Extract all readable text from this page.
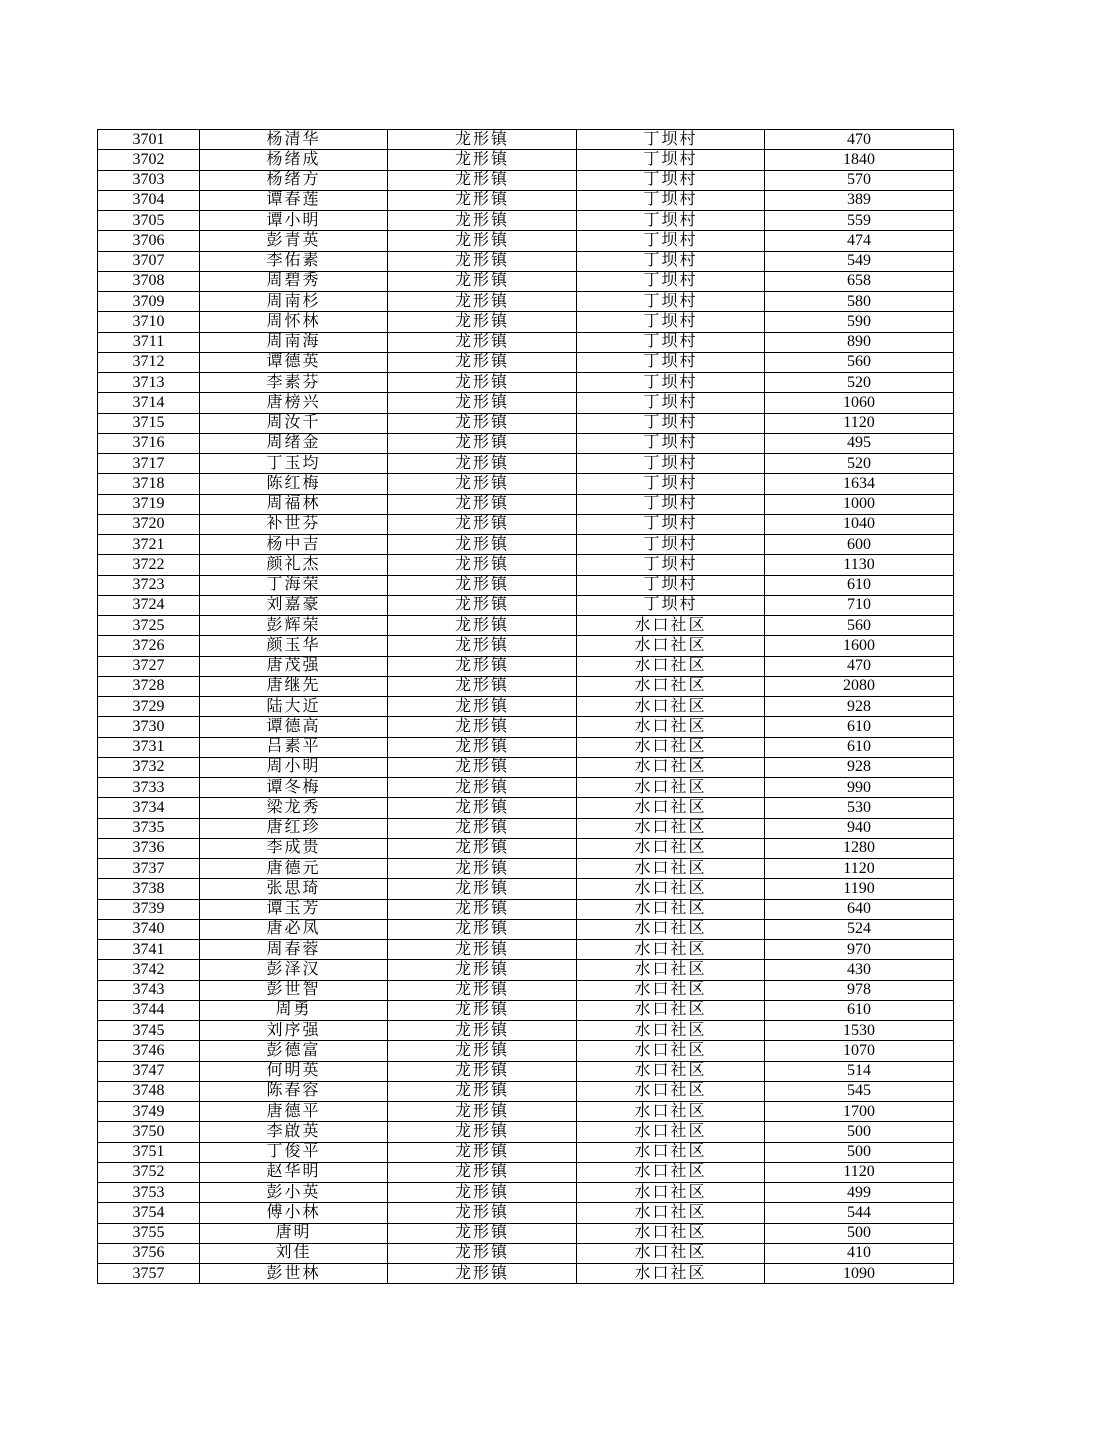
3701	杨清华	龙形镇	丁坝村	470
3702	杨绪成	龙形镇	丁坝村	1840
3703	杨绪方	龙形镇	丁坝村	570
3704	谭春莲	龙形镇	丁坝村	389
3705	谭小明	龙形镇	丁坝村	559
3706	彭青英	龙形镇	丁坝村	474
3707	李佑素	龙形镇	丁坝村	549
3708	周碧秀	龙形镇	丁坝村	658
3709	周南杉	龙形镇	丁坝村	580
3710	周怀林	龙形镇	丁坝村	590
3711	周南海	龙形镇	丁坝村	890
3712	谭德英	龙形镇	丁坝村	560
3713	李素芬	龙形镇	丁坝村	520
3714	唐榜兴	龙形镇	丁坝村	1060
3715	周汝千	龙形镇	丁坝村	1120
3716	周绪金	龙形镇	丁坝村	495
3717	丁玉均	龙形镇	丁坝村	520
3718	陈红梅	龙形镇	丁坝村	1634
3719	周福林	龙形镇	丁坝村	1000
3720	补世芬	龙形镇	丁坝村	1040
3721	杨中吉	龙形镇	丁坝村	600
3722	颜礼杰	龙形镇	丁坝村	1130
3723	丁海荣	龙形镇	丁坝村	610
3724	刘嘉豪	龙形镇	丁坝村	710
3725	彭辉荣	龙形镇	水口社区	560
3726	颜玉华	龙形镇	水口社区	1600
3727	唐茂强	龙形镇	水口社区	470
3728	唐继先	龙形镇	水口社区	2080
3729	陆大近	龙形镇	水口社区	928
3730	谭德高	龙形镇	水口社区	610
3731	吕素平	龙形镇	水口社区	610
3732	周小明	龙形镇	水口社区	928
3733	谭冬梅	龙形镇	水口社区	990
3734	梁龙秀	龙形镇	水口社区	530
3735	唐红珍	龙形镇	水口社区	940
3736	李成贵	龙形镇	水口社区	1280
3737	唐德元	龙形镇	水口社区	1120
3738	张思琦	龙形镇	水口社区	1190
3739	谭玉芳	龙形镇	水口社区	640
3740	唐必凤	龙形镇	水口社区	524
3741	周春蓉	龙形镇	水口社区	970
3742	彭泽汉	龙形镇	水口社区	430
3743	彭世智	龙形镇	水口社区	978
3744	周勇	龙形镇	水口社区	610
3745	刘序强	龙形镇	水口社区	1530
3746	彭德富	龙形镇	水口社区	1070
3747	何明英	龙形镇	水口社区	514
3748	陈春容	龙形镇	水口社区	545
3749	唐德平	龙形镇	水口社区	1700
3750	李啟英	龙形镇	水口社区	500
3751	丁俊平	龙形镇	水口社区	500
3752	赵华明	龙形镇	水口社区	1120
3753	彭小英	龙形镇	水口社区	499
3754	傅小林	龙形镇	水口社区	544
3755	唐明	龙形镇	水口社区	500
3756	刘佳	龙形镇	水口社区	410
3757	彭世林	龙形镇	水口社区	1090
